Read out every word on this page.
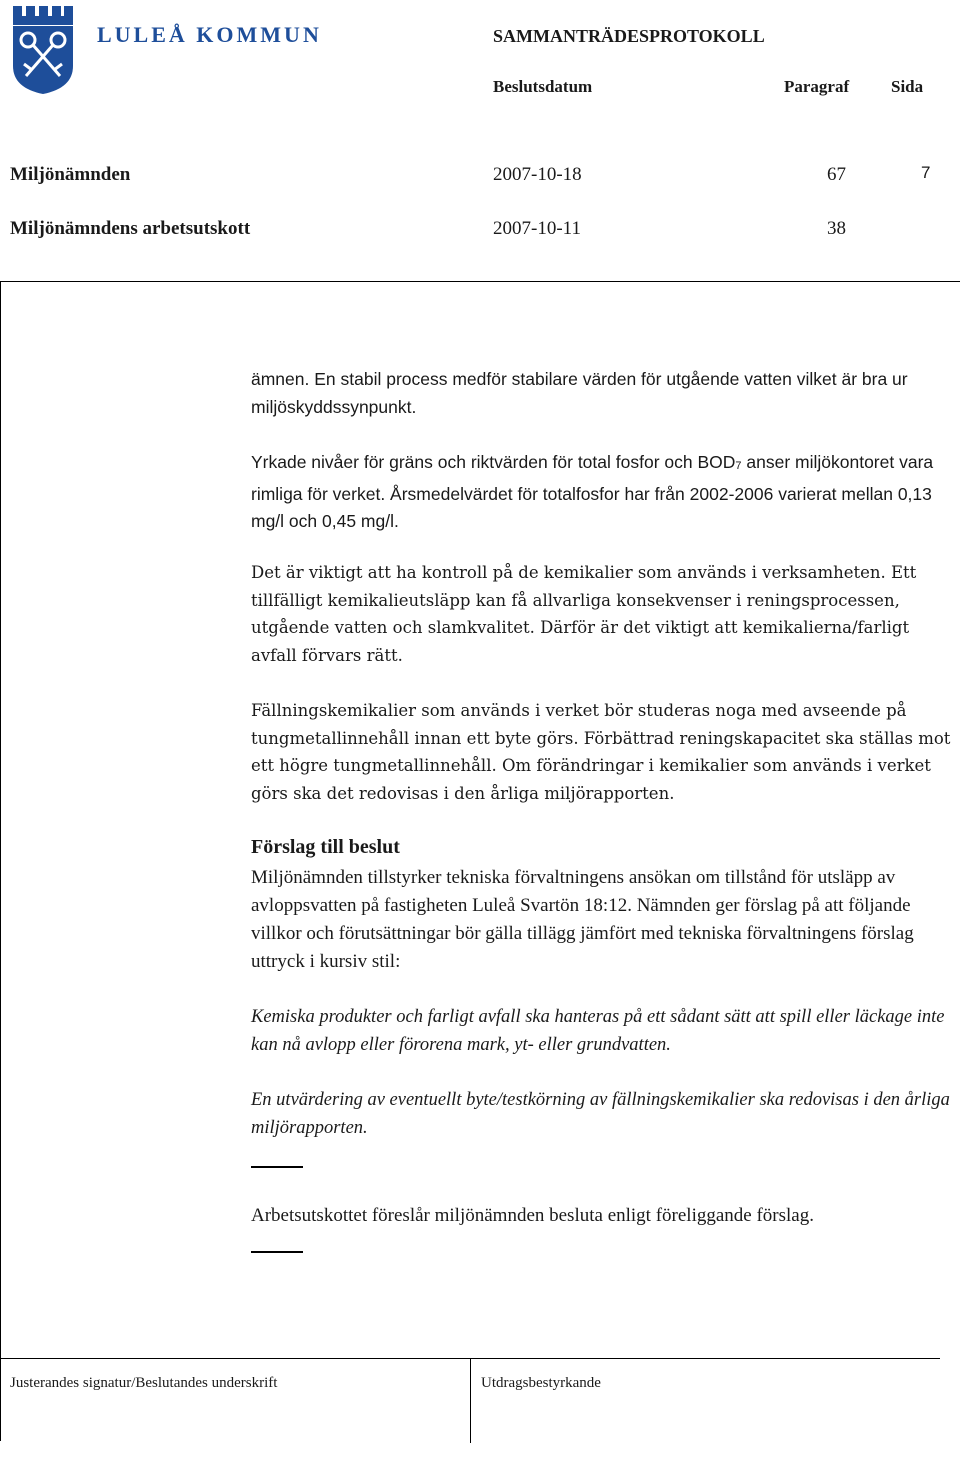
LULEÅ KOMMUN	SAMMANTRÄDESPROTOKOLL
Beslutsdatum	Paragraf Sida
Miljönämnden	2007-10-18	67	7
Miljönämndens arbetsutskott	2007-10-11	38

ämnen. En stabil process medför stabilare värden för utgående vatten vilket är bra ur miljöskyddssynpunkt.

Yrkade nivåer för gräns och riktvärden för total fosfor och $BOD_7$ anser miljökontoret vara rimliga för verket. Årsmedelvärdet för totalfosfor har från 2002-2006 varierat mellan 0,13 mg/l och 0,45 mg/l.

Det är viktigt att ha kontroll på de kemikalier som används i verksamheten. Ett tillfälligt kemikalieutsläpp kan få allvarliga konsekvenser i reningsprocessen, utgående vatten och slamkvalitet. Därför är det viktigt att kemikalierna/farligt avfall förvars rätt.

Fällningskemikalier som används i verket bör studeras noga med avseende på tungmetallinnehåll innan ett byte görs. Förbättrad reningskapacitet ska ställas mot ett högre tungmetallinnehåll. Om förändringar i kemikalier som används i verket görs ska det redovisas i den årliga miljörapporten.

Förslag till beslut

Miljönämnden tillstyrker tekniska förvaltningens ansökan om tillstånd för utsläpp av avloppsvatten på fastigheten Luleå Svartön 18:12. Nämnden ger förslag på att följande villkor och förutsättningar bör gälla tillägg jämfört med tekniska förvaltningens förslag uttryck i kursiv stil:

Kemiska produkter och farligt avfall ska hanteras på ett sådant sätt att spill eller läckage inte kan nå avlopp eller förorena mark, yt- eller grundvatten.

En utvärdering av eventuellt byte/testkörning av fällningskemikalier ska redovisas i den årliga miljörapporten.

Arbetsutskottet föreslår miljönämnden besluta enligt föreliggande förslag.

Justerandes signatur/Beslutandes underskrift	Utdragsbestyrkande
